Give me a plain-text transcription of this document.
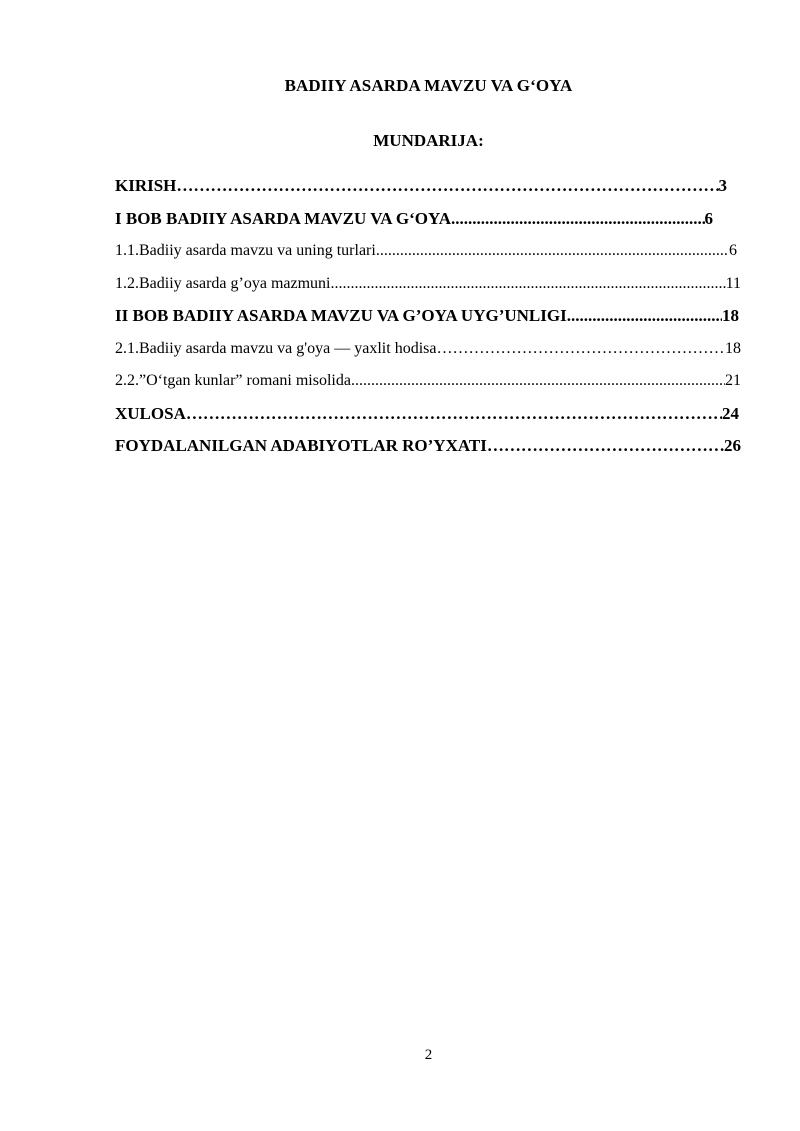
BADIIY ASARDA MAVZU VA G‘OYA
MUNDARIJA:
KIRISH ……………………………………………………………………………………………………………………………………………………	3
I BOB BADIIY ASARDA MAVZU VA G‘OYA .....	6
1.1.Badiiy asarda mavzu va uning turlari .....	6
1.2.Badiiy asarda g’oya mazmuni .....	11
II BOB BADIIY ASARDA MAVZU VA G’OYA UYG’UNLIGI .....	18
2.1.Badiiy asarda mavzu va g'oya — yaxlit hodisa ……………………………………………………………………………………………………………………………………………………	18
2.2.”O‘tgan kunlar” romani misolida .....	21
XULOSA ……………………………………………………………………………………………………………………………………………………	24
FOYDALANILGAN ADABIYOTLAR RO’YXATI ……………………………………………………………………………………………………………………………………………………	26
2
